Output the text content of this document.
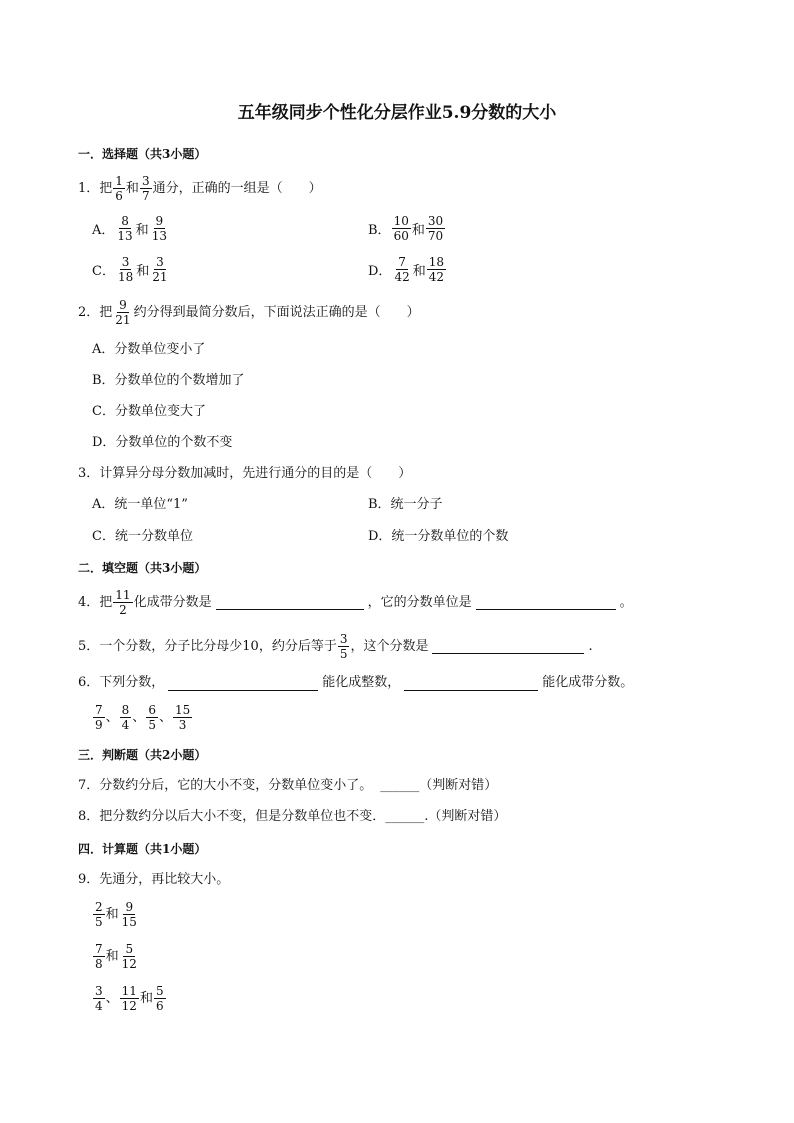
五年级同步个性化分层作业5.9分数的大小
一．选择题（共3小题）
1．把 $\frac{1}{6}$ 和 $\frac{3}{7}$ 通分，正确的一组是（　　）
A． $\frac{8}{13}$ 和 $\frac{9}{13}$	B． $\frac{10}{60}$ 和 $\frac{30}{70}$
C． $\frac{3}{18}$ 和 $\frac{3}{21}$	D． $\frac{7}{42}$ 和 $\frac{18}{42}$
2．把 $\frac{9}{21}$ 约分得到最简分数后，下面说法正确的是（　　）
A．分数单位变小了
B．分数单位的个数增加了
C．分数单位变大了
D．分数单位的个数不变
3．计算异分母分数加减时，先进行通分的目的是（　　）
A．统一单位“1”	B．统一分子
C．统一分数单位	D．统一分数单位的个数
二．填空题（共3小题）
4．把 $\frac{11}{2}$ 化成带分数是	，它的分数单位是	。
5．一个分数，分子比分母少10，约分后等于 $\frac{3}{5}$ ，这个分数是	.
6．下列分数，	能化成整数，	能化成带分数。
$\frac{7}{9}$ 、 $\frac{8}{4}$ 、 $\frac{6}{5}$ 、 $\frac{15}{3}$
三．判断题（共2小题）
7．分数约分后，它的大小不变，分数单位变小了。 ______ （判断对错）
8．把分数约分以后大小不变，但是分数单位也不变． ______ .（判断对错）
四．计算题（共1小题）
9．先通分，再比较大小。
$\frac{2}{5}$ 和 $\frac{9}{15}$
$\frac{7}{8}$ 和 $\frac{5}{12}$
$\frac{3}{4}$ 、 $\frac{11}{12}$ 和 $\frac{5}{6}$
